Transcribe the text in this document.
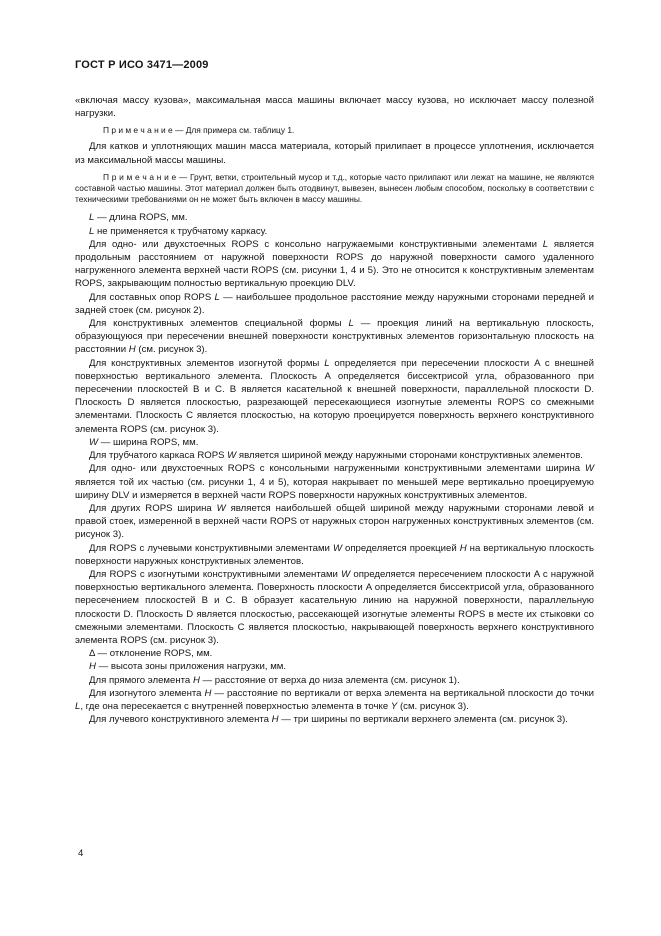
ГОСТ Р ИСО 3471—2009

«включая массу кузова», максимальная масса машины включает массу кузова, но исключает массу полезной нагрузки.

П р и м е ч а н и е — Для примера см. таблицу 1.

Для катков и уплотняющих машин масса материала, который прилипает в процессе уплотнения, исключается из максимальной массы машины.

П р и м е ч а н и е — Грунт, ветки, строительный мусор и т.д., которые часто прилипают или лежат на машине, не являются составной частью машины. Этот материал должен быть отодвинут, вывезен, вынесен любым способом, поскольку в соответствии с техническими требованиями он не может быть включен в массу машины.

L — длина ROPS, мм.

L не применяется к трубчатому каркасу.

Для одно- или двухстоечных ROPS с консольно нагружаемыми конструктивными элементами L является продольным расстоянием от наружной поверхности ROPS до наружной поверхности самого удаленного нагруженного элемента верхней части ROPS (см. рисунки 1, 4 и 5). Это не относится к конструктивным элементам ROPS, закрывающим полностью вертикальную проекцию DLV.

Для составных опор ROPS L — наибольшее продольное расстояние между наружными сторонами передней и задней стоек (см. рисунок 2).

Для конструктивных элементов специальной формы L — проекция линий на вертикальную плоскость, образующуюся при пересечении внешней поверхности конструктивных элементов горизонтальную плоскость на расстоянии H (см. рисунок 3).

Для конструктивных элементов изогнутой формы L определяется при пересечении плоскости A с внешней поверхностью вертикального элемента. Плоскость A определяется биссектрисой угла, образованного при пересечении плоскостей B и C. B является касательной к внешней поверхности, параллельной плоскости D. Плоскость D является плоскостью, разрезающей пересекающиеся изогнутые элементы ROPS со смежными элементами. Плоскость C является плоскостью, на которую проецируется поверхность верхнего конструктивного элемента ROPS (см. рисунок 3).

W — ширина ROPS, мм.

Для трубчатого каркаса ROPS W является шириной между наружными сторонами конструктивных элементов.

Для одно- или двухстоечных ROPS с консольными нагруженными конструктивными элементами ширина W является той их частью (см. рисунки 1, 4 и 5), которая накрывает по меньшей мере вертикально проецируемую ширину DLV и измеряется в верхней части ROPS поверхности наружных конструктивных элементов.

Для других ROPS ширина W является наибольшей общей шириной между наружными сторонами левой и правой стоек, измеренной в верхней части ROPS от наружных сторон нагруженных конструктивных элементов (см. рисунок 3).

Для ROPS с лучевыми конструктивными элементами W определяется проекцией H на вертикальную плоскость поверхности наружных конструктивных элементов.

Для ROPS с изогнутыми конструктивными элементами W определяется пересечением плоскости A с наружной поверхностью вертикального элемента. Поверхность плоскости A определяется биссектрисой угла, образованного пересечением плоскостей B и C. B образует касательную линию на наружной поверхности, параллельную плоскости D. Плоскость D является плоскостью, рассекающей изогнутые элементы ROPS в месте их стыковки со смежными элементами. Плоскость C является плоскостью, накрывающей поверхность верхнего конструктивного элемента ROPS (см. рисунок 3).

Δ — отклонение ROPS, мм.

H — высота зоны приложения нагрузки, мм.

Для прямого элемента H — расстояние от верха до низа элемента (см. рисунок 1).

Для изогнутого элемента H — расстояние по вертикали от верха элемента на вертикальной плоскости до точки L, где она пересекается с внутренней поверхностью элемента в точке Y (см. рисунок 3).

Для лучевого конструктивного элемента H — три ширины по вертикали верхнего элемента (см. рисунок 3).

4
